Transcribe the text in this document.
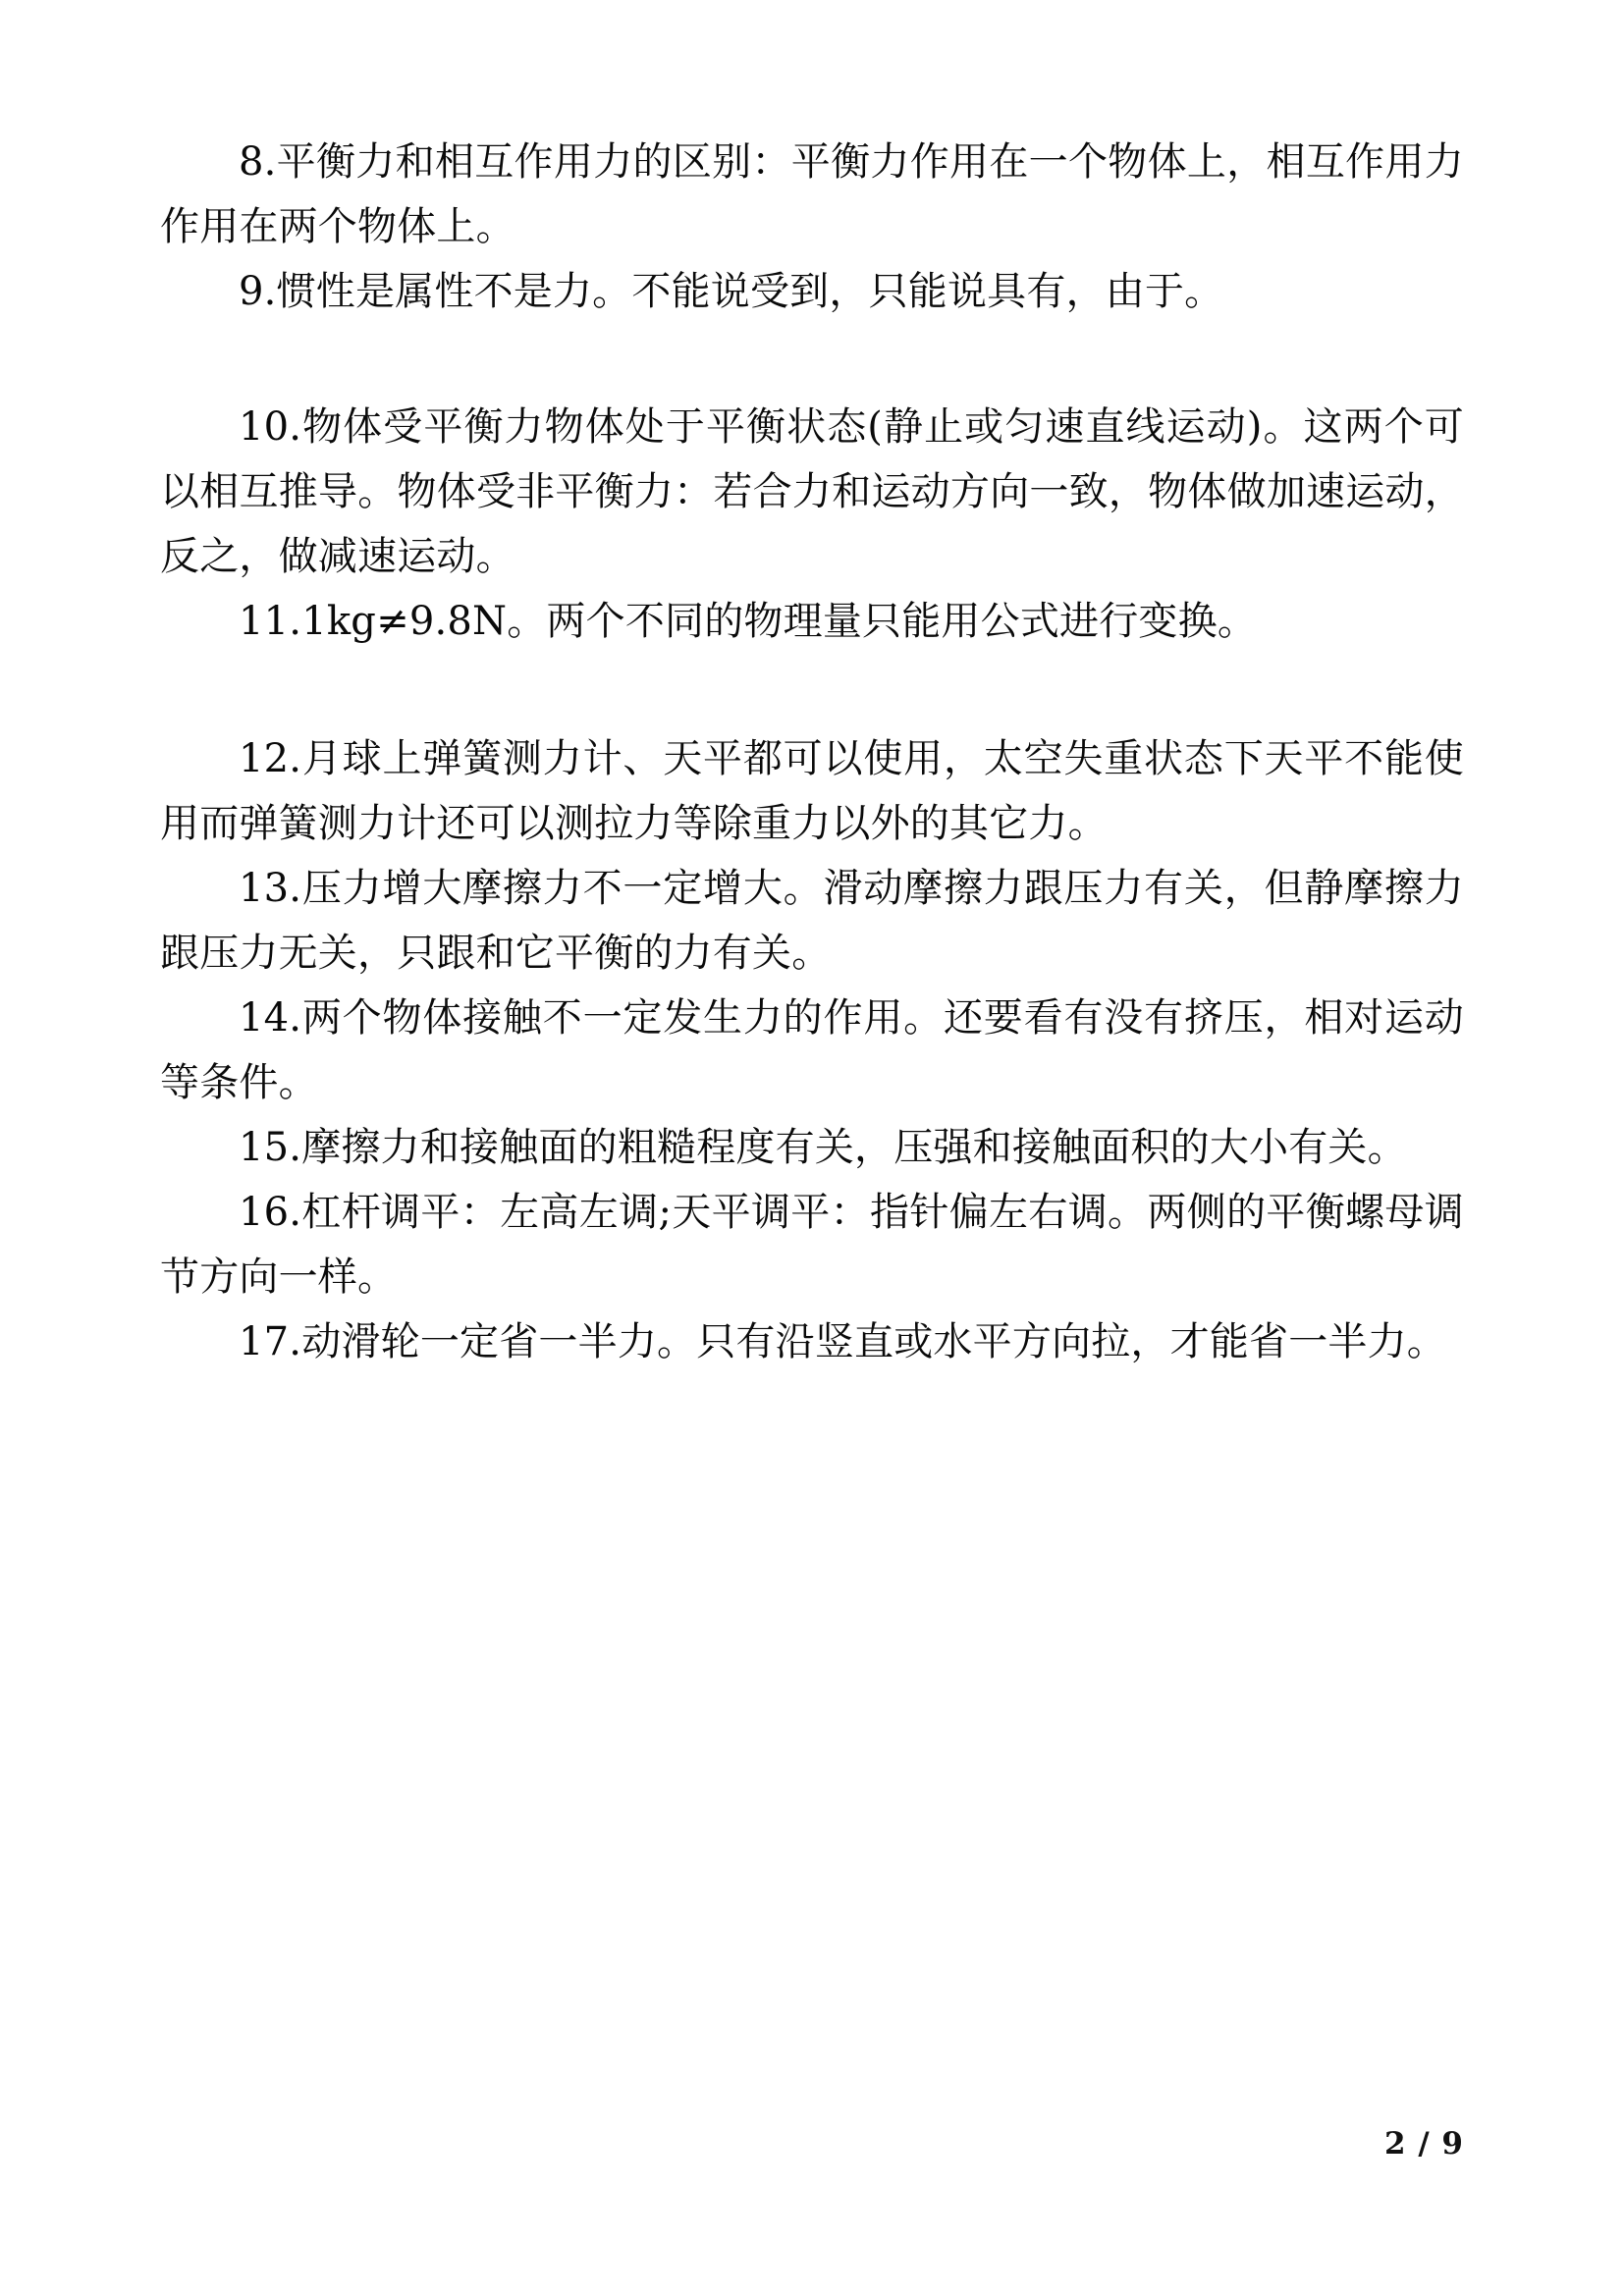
8.平衡力和相互作用力的区别：平衡力作用在一个物体上，相互作用力作用在两个物体上。

9.惯性是属性不是力。不能说受到，只能说具有，由于。

10.物体受平衡力物体处于平衡状态(静止或匀速直线运动)。这两个可以相互推导。物体受非平衡力：若合力和运动方向一致，物体做加速运动，反之，做减速运动。

11.1kg≠9.8N。两个不同的物理量只能用公式进行变换。

12.月球上弹簧测力计、天平都可以使用，太空失重状态下天平不能使用而弹簧测力计还可以测拉力等除重力以外的其它力。

13.压力增大摩擦力不一定增大。滑动摩擦力跟压力有关，但静摩擦力跟压力无关，只跟和它平衡的力有关。

14.两个物体接触不一定发生力的作用。还要看有没有挤压，相对运动等条件。

15.摩擦力和接触面的粗糙程度有关，压强和接触面积的大小有关。

16.杠杆调平：左高左调;天平调平：指针偏左右调。两侧的平衡螺母调节方向一样。

17.动滑轮一定省一半力。只有沿竖直或水平方向拉，才能省一半力。

2 / 9
